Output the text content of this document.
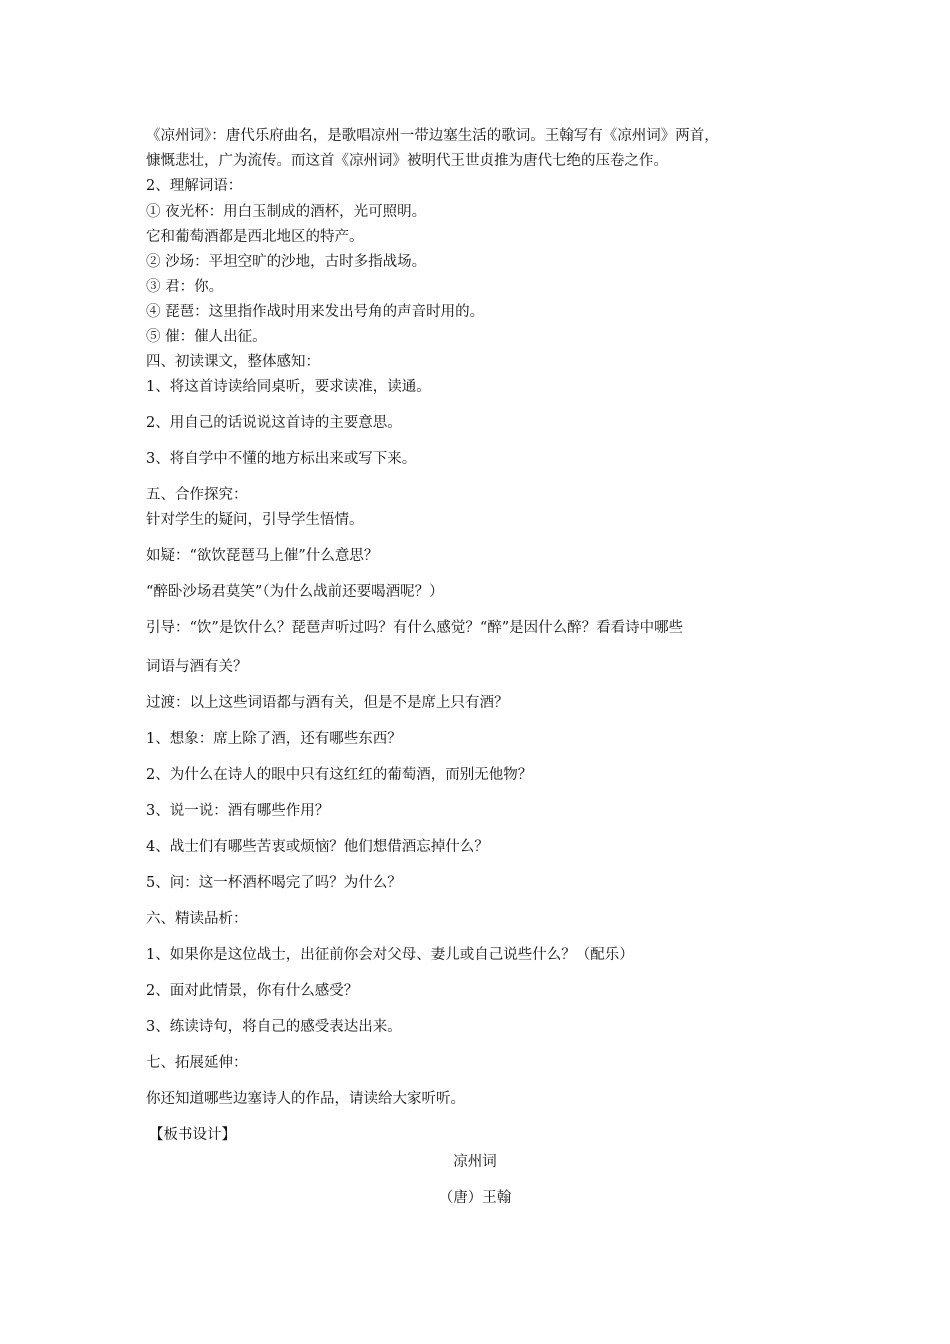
《凉州词》：唐代乐府曲名，是歌唱凉州一带边塞生活的歌词。王翰写有《凉州词》两首，

慷慨悲壮，广为流传。而这首《凉州词》被明代王世贞推为唐代七绝的压卷之作。

2、理解词语：

① 夜光杯：用白玉制成的酒杯，光可照明。

它和葡萄酒都是西北地区的特产。

② 沙场：平坦空旷的沙地，古时多指战场。

③ 君：你。

④ 琵琶：这里指作战时用来发出号角的声音时用的。

⑤ 催：催人出征。

四、初读课文，整体感知：

1、将这首诗读给同桌听，要求读准，读通。

2、用自己的话说说这首诗的主要意思。

3、将自学中不懂的地方标出来或写下来。

五、合作探究：

针对学生的疑问，引导学生悟情。

如疑：“欲饮琵琶马上催”什么意思？

“醉卧沙场君莫笑”（为什么战前还要喝酒呢？）

引导：“饮”是饮什么？琵琶声听过吗？有什么感觉？“醉”是因什么醉？看看诗中哪些

词语与酒有关？

过渡：以上这些词语都与酒有关，但是不是席上只有酒？

1、想象：席上除了酒，还有哪些东西？

2、为什么在诗人的眼中只有这红红的葡萄酒，而别无他物？

3、说一说：酒有哪些作用？

4、战士们有哪些苦衷或烦恼？他们想借酒忘掉什么？

5、问：这一杯酒杯喝完了吗？为什么？

六、精读品析：

1、如果你是这位战士，出征前你会对父母、妻儿或自己说些什么？（配乐）

2、面对此情景，你有什么感受？

3、练读诗句，将自己的感受表达出来。

七、拓展延伸：

你还知道哪些边塞诗人的作品，请读给大家听听。

【板书设计】

凉州词

（唐）王翰
